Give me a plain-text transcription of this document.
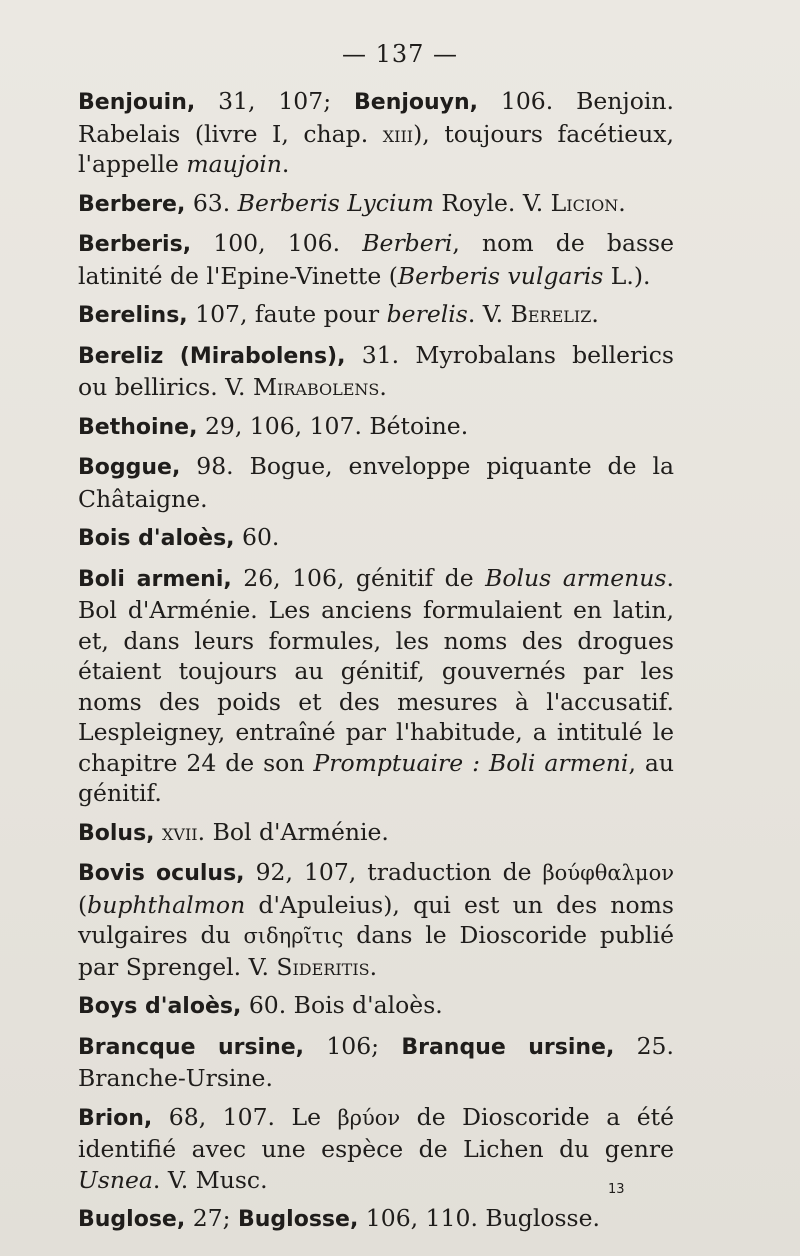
— 137 —

Benjouin, 31, 107; Benjouyn, 106. Benjoin. Rabelais (livre I, chap. xiii), toujours facétieux, l'appelle maujoin.

Berbere, 63. Berberis Lycium Royle. V. Licion.

Berberis, 100, 106. Berberi, nom de basse latinité de l'Epine-Vinette (Berberis vulgaris L.).

Berelins, 107, faute pour berelis. V. Bereliz.

Bereliz (Mirabolens), 31. Myrobalans bellerics ou bellirics. V. Mirabolens.

Bethoine, 29, 106, 107. Bétoine.

Boggue, 98. Bogue, enveloppe piquante de la Châtaigne.

Bois d'aloès, 60.

Boli armeni, 26, 106, génitif de Bolus armenus. Bol d'Arménie. Les anciens formulaient en latin, et, dans leurs formules, les noms des drogues étaient toujours au génitif, gouvernés par les noms des poids et des mesures à l'accusatif. Lespleigney, entraîné par l'habitude, a intitulé le chapitre 24 de son Promptuaire : Boli armeni, au génitif.

Bolus, xvii. Bol d'Arménie.

Bovis oculus, 92, 107, traduction de βούφθαλμον (buphthalmon d'Apuleius), qui est un des noms vulgaires du σιδηρῖτις dans le Dioscoride publié par Sprengel. V. Sideritis.

Boys d'aloès, 60. Bois d'aloès.

Brancque ursine, 106; Branque ursine, 25. Branche-Ursine.

Brion, 68, 107. Le βρύον de Dioscoride a été identifié avec une espèce de Lichen du genre Usnea. V. Musc.

Buglose, 27; Buglosse, 106, 110. Buglosse.

13
